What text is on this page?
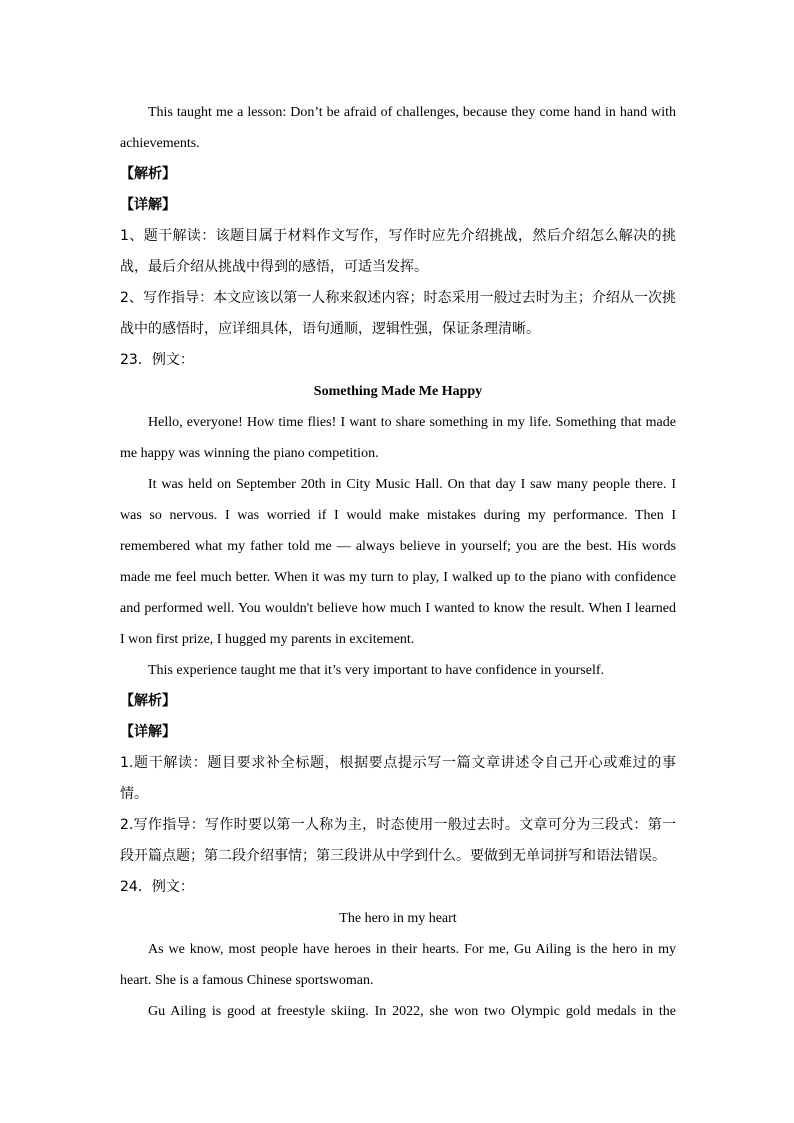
This taught me a lesson: Don’t be afraid of challenges, because they come hand in hand with
achievements.

【解析】

【详解】

1、题干解读：该题目属于材料作文写作，写作时应先介绍挑战，然后介绍怎么解决的挑
战，最后介绍从挑战中得到的感悟，可适当发挥。

2、写作指导：本文应该以第一人称来叙述内容；时态采用一般过去时为主；介绍从一次挑
战中的感悟时，应详细具体，语句通顺，逻辑性强，保证条理清晰。

23．例文：

Something Made Me Happy

Hello, everyone! How time flies! I want to share something in my life. Something that made
me happy was winning the piano competition.

It was held on September 20th in City Music Hall. On that day I saw many people there. I
was so nervous. I was worried if I would make mistakes during my performance. Then I
remembered what my father told me — always believe in yourself; you are the best. His words
made me feel much better. When it was my turn to play, I walked up to the piano with confidence
and performed well. You wouldn't believe how much I wanted to know the result. When I learned
I won first prize, I hugged my parents in excitement.

This experience taught me that it’s very important to have confidence in yourself.

【解析】

【详解】

1.题干解读：题目要求补全标题，根据要点提示写一篇文章讲述令自己开心或难过的事
情。

2.写作指导：写作时要以第一人称为主，时态使用一般过去时。文章可分为三段式：第一
段开篇点题；第二段介绍事情；第三段讲从中学到什么。要做到无单词拼写和语法错误。

24．例文：

The hero in my heart

As we know, most people have heroes in their hearts. For me, Gu Ailing is the hero in my
heart. She is a famous Chinese sportswoman.

Gu Ailing is good at freestyle skiing. In 2022, she won two Olympic gold medals in the
